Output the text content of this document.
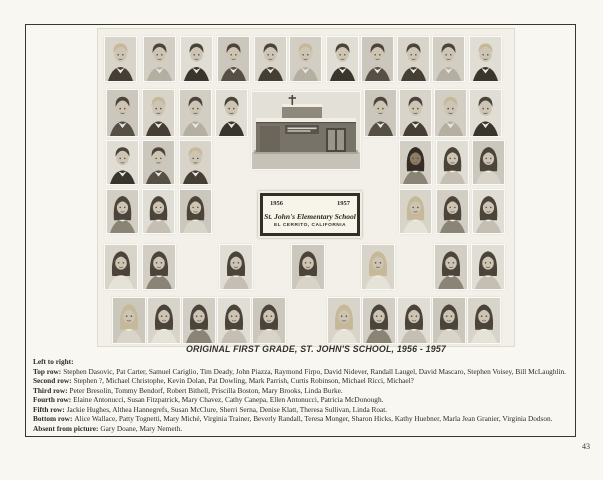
1956	1957
St. John's Elementary School
EL CERRITO, CALIFORNIA
ORIGINAL FIRST GRADE, ST. JOHN'S SCHOOL, 1956 - 1957
Left to right:
Top row: Stephen Dasovic, Pat Carter, Samuel Cariglio, Tim Deady, John Piazza, Raymond Firpo, David Nidever, Randall Laugel, David Mascaro, Stephen Voisey, Bill McLaughlin.
Second row: Stephen ?, Michael Christophe, Kevin Dolan, Pat Dowling, Mark Parrish, Curtis Robinson, Michael Ricci, Michael?
Third row: Peter Bresolin, Tommy Bendorf, Robert Bithell, Priscilla Boston, Mary Brooks, Linda Burke.
Fourth row: Elaine Antonucci, Susan Fitzpatrick, Mary Chavez, Cathy Canepa, Ellen Antonucci, Patricia McDonough.
Fifth row: Jackie Hughes, Althea Hannegrefs, Susan McClure, Sherri Serna, Denise Klatt, Theresa Sullivan, Linda Roat.
Bottom row: Alice Wallace, Patty Tognetti, Mary Miché, Virginia Trainer, Beverly Randall, Teresa Monger, Sharon Hicks, Kathy Huebner, Marla Jean Granier, Virginia Dodson.
Absent from picture: Gary Doane, Mary Nemeth.
43
